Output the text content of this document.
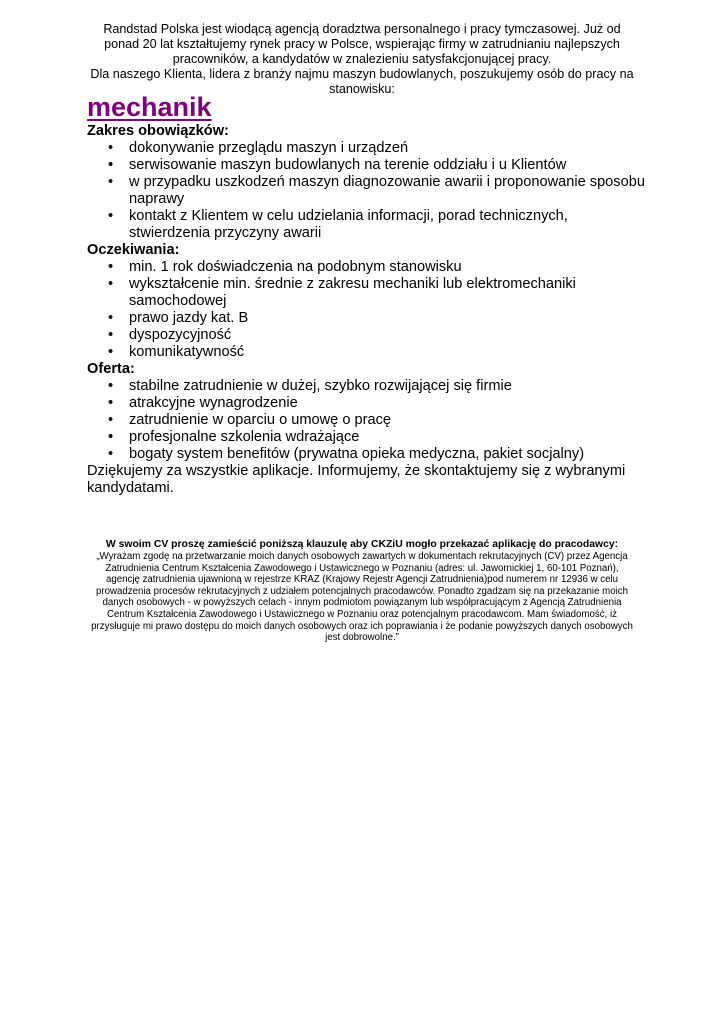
Randstad Polska jest wiodącą agencją doradztwa personalnego i pracy tymczasowej. Już od ponad 20 lat kształtujemy rynek pracy w Polsce, wspierając firmy w zatrudnianiu najlepszych pracowników, a kandydatów w znalezieniu satysfakcjonującej pracy.

Dla naszego Klienta, lidera z branży najmu maszyn budowlanych, poszukujemy osób do pracy na stanowisku:

mechanik
Zakres obowiązków:
• dokonywanie przeglądu maszyn i urządzeń
• serwisowanie maszyn budowlanych na terenie oddziału i u Klientów
• w przypadku uszkodzeń maszyn diagnozowanie awarii i proponowanie sposobu naprawy
• kontakt z Klientem w celu udzielania informacji, porad technicznych, stwierdzenia przyczyny awarii
Oczekiwania:
• min. 1 rok doświadczenia na podobnym stanowisku
• wykształcenie min. średnie z zakresu mechaniki lub elektromechaniki samochodowej
• prawo jazdy kat. B
• dyspozycyjność
• komunikatywność
Oferta:
• stabilne zatrudnienie w dużej, szybko rozwijającej się firmie
• atrakcyjne wynagrodzenie
• zatrudnienie w oparciu o umowę o pracę
• profesjonalne szkolenia wdrażające
• bogaty system benefitów (prywatna opieka medyczna, pakiet socjalny)

Dziękujemy za wszystkie aplikacje. Informujemy, że skontaktujemy się z wybranymi kandydatami.

W swoim CV proszę zamieścić poniższą klauzulę aby CKZiU mogło przekazać aplikację do pracodawcy:

„Wyrażam zgodę na przetwarzanie moich danych osobowych zawartych w dokumentach rekrutacyjnych (CV) przez Agencja Zatrudnienia Centrum Kształcenia Zawodowego i Ustawicznego w Poznaniu (adres: ul. Jawornickiej 1, 60-101 Poznań), agencję zatrudnienia ujawnioną w rejestrze KRAZ (Krajowy Rejestr Agencji Zatrudnienia)pod numerem nr 12936 w celu prowadzenia procesów rekrutacyjnych z udziałem potencjalnych pracodawców. Ponadto zgadzam się na przekazanie moich danych osobowych - w powyższych celach - innym podmiotom powiązanym lub współpracującym z Agencją Zatrudnienia Centrum Kształcenia Zawodowego i Ustawicznego w Poznaniu oraz potencjalnym pracodawcom. Mam świadomość, iż przysługuje mi prawo dostępu do moich danych osobowych oraz ich poprawiania i że podanie powyższych danych osobowych jest dobrowolne.”
